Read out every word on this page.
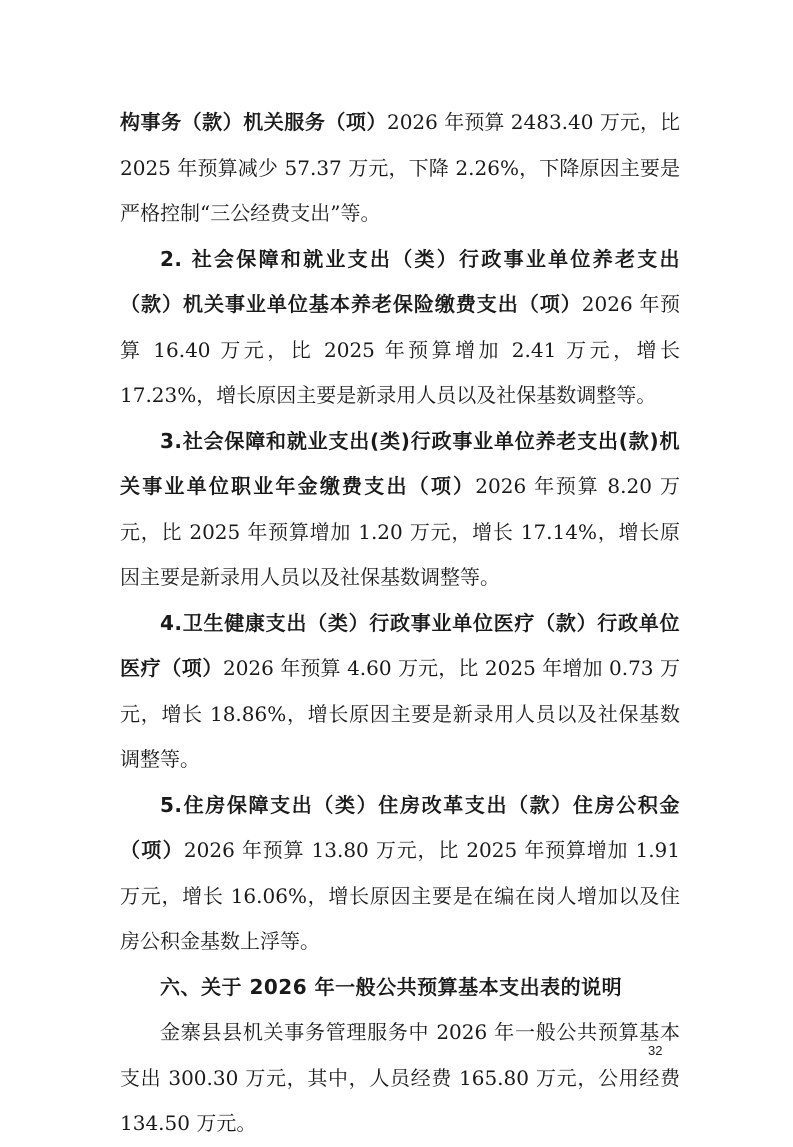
构事务（款）机关服务（项）2026 年预算 2483.40 万元，比 2025 年预算减少 57.37 万元，下降 2.26%，下降原因主要是严格控制“三公经费支出”等。

2. 社会保障和就业支出（类）行政事业单位养老支出（款）机关事业单位基本养老保险缴费支出（项）2026 年预算 16.40 万元，比 2025 年预算增加 2.41 万元，增长 17.23%，增长原因主要是新录用人员以及社保基数调整等。

3.社会保障和就业支出(类)行政事业单位养老支出(款)机关事业单位职业年金缴费支出（项）2026 年预算 8.20 万元，比 2025 年预算增加 1.20 万元，增长 17.14%，增长原因主要是新录用人员以及社保基数调整等。

4.卫生健康支出（类）行政事业单位医疗（款）行政单位医疗（项）2026 年预算 4.60 万元，比 2025 年增加 0.73 万元，增长 18.86%，增长原因主要是新录用人员以及社保基数调整等。

5.住房保障支出（类）住房改革支出（款）住房公积金（项）2026 年预算 13.80 万元，比 2025 年预算增加 1.91 万元，增长 16.06%，增长原因主要是在编在岗人增加以及住房公积金基数上浮等。

六、关于 2026 年一般公共预算基本支出表的说明

金寨县县机关事务管理服务中 2026 年一般公共预算基本支出 300.30 万元，其中，人员经费 165.80 万元，公用经费 134.50 万元。

32
